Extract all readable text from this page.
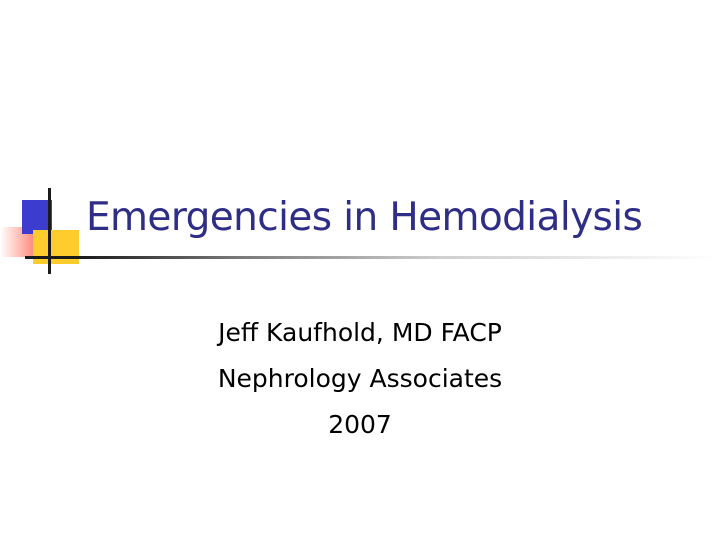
Emergencies in Hemodialysis
Jeff Kaufhold, MD FACP
Nephrology Associates
2007
